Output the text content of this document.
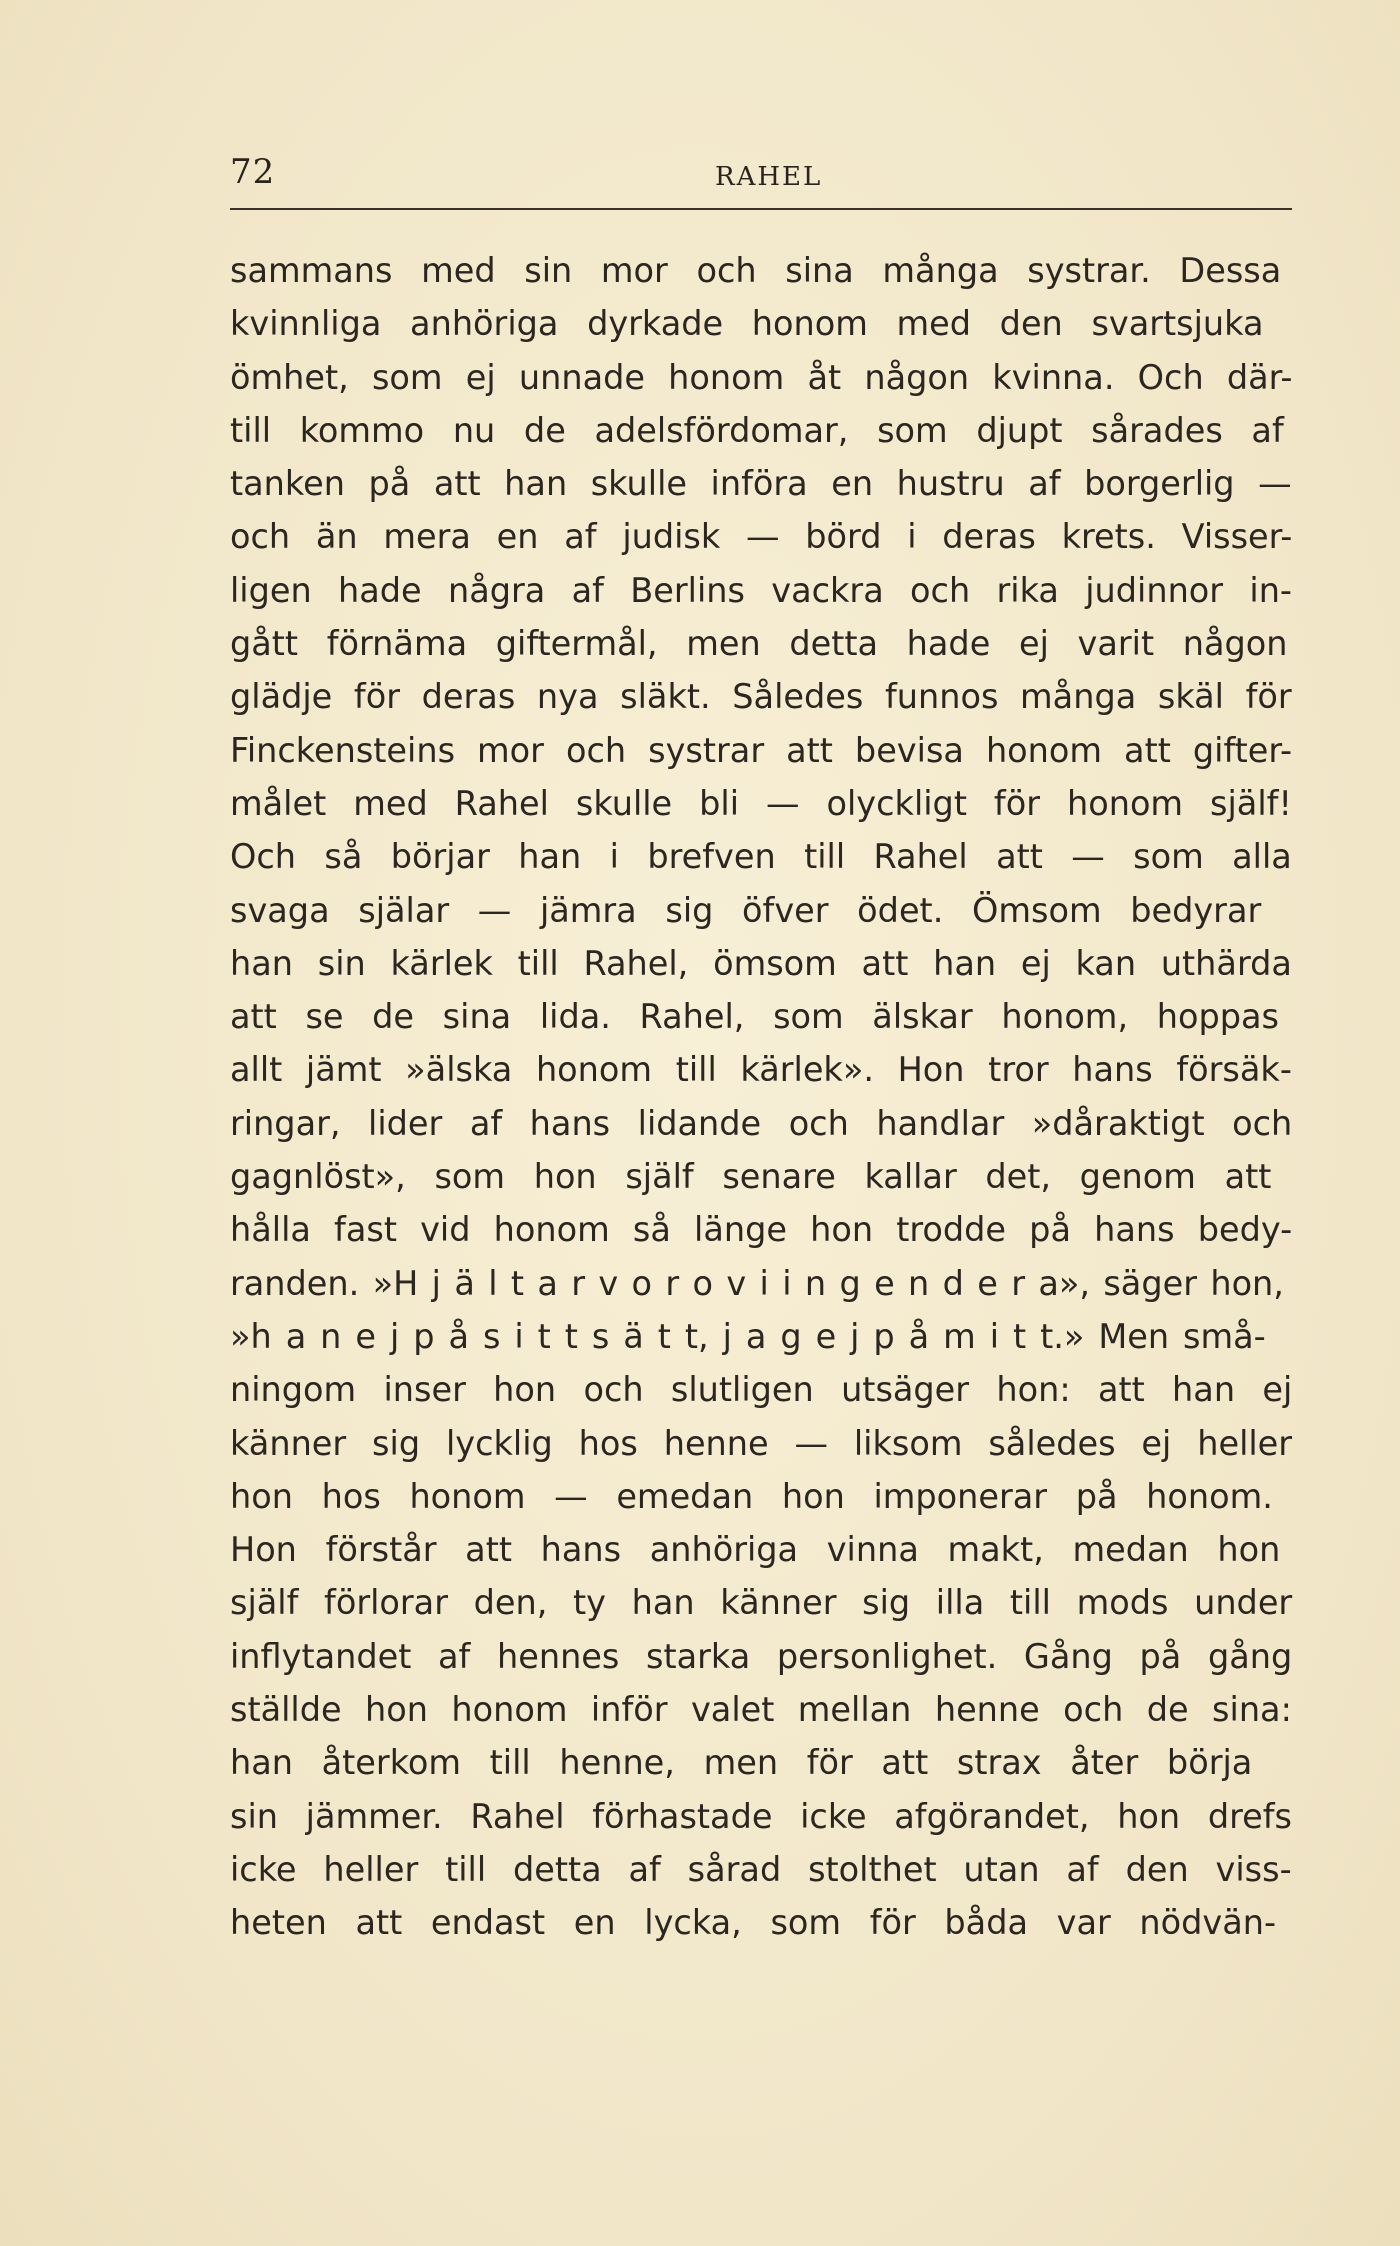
72	RAHEL
sammans med sin mor och sina många systrar. Dessa
kvinnliga anhöriga dyrkade honom med den svartsjuka
ömhet, som ej unnade honom åt någon kvinna. Och där-
till kommo nu de adelsfördomar, som djupt sårades af
tanken på att han skulle införa en hustru af borgerlig —
och än mera en af judisk — börd i deras krets. Visser-
ligen hade några af Berlins vackra och rika judinnor in-
gått förnäma giftermål, men detta hade ej varit någon
glädje för deras nya släkt. Således funnos många skäl för
Finckensteins mor och systrar att bevisa honom att gifter-
målet med Rahel skulle bli — olyckligt för honom själf!
Och så börjar han i brefven till Rahel att — som alla
svaga själar — jämra sig öfver ödet. Ömsom bedyrar
han sin kärlek till Rahel, ömsom att han ej kan uthärda
att se de sina lida. Rahel, som älskar honom, hoppas
allt jämt »älska honom till kärlek». Hon tror hans försäk-
ringar, lider af hans lidande och handlar »dåraktigt och
gagnlöst», som hon själf senare kallar det, genom att
hålla fast vid honom så länge hon trodde på hans bedy-
randen. »H j ä l t a r v o r o v i i n g e n d e r a», säger hon,
»h a n e j p å s i t t s ä t t, j a g e j p å m i t t.» Men små-
ningom inser hon och slutligen utsäger hon: att han ej
känner sig lycklig hos henne — liksom således ej heller
hon hos honom — emedan hon imponerar på honom.
Hon förstår att hans anhöriga vinna makt, medan hon
själf förlorar den, ty han känner sig illa till mods under
inflytandet af hennes starka personlighet. Gång på gång
ställde hon honom inför valet mellan henne och de sina:
han återkom till henne, men för att strax åter börja
sin jämmer. Rahel förhastade icke afgörandet, hon drefs
icke heller till detta af sårad stolthet utan af den viss-
heten att endast en lycka, som för båda var nödvän-
